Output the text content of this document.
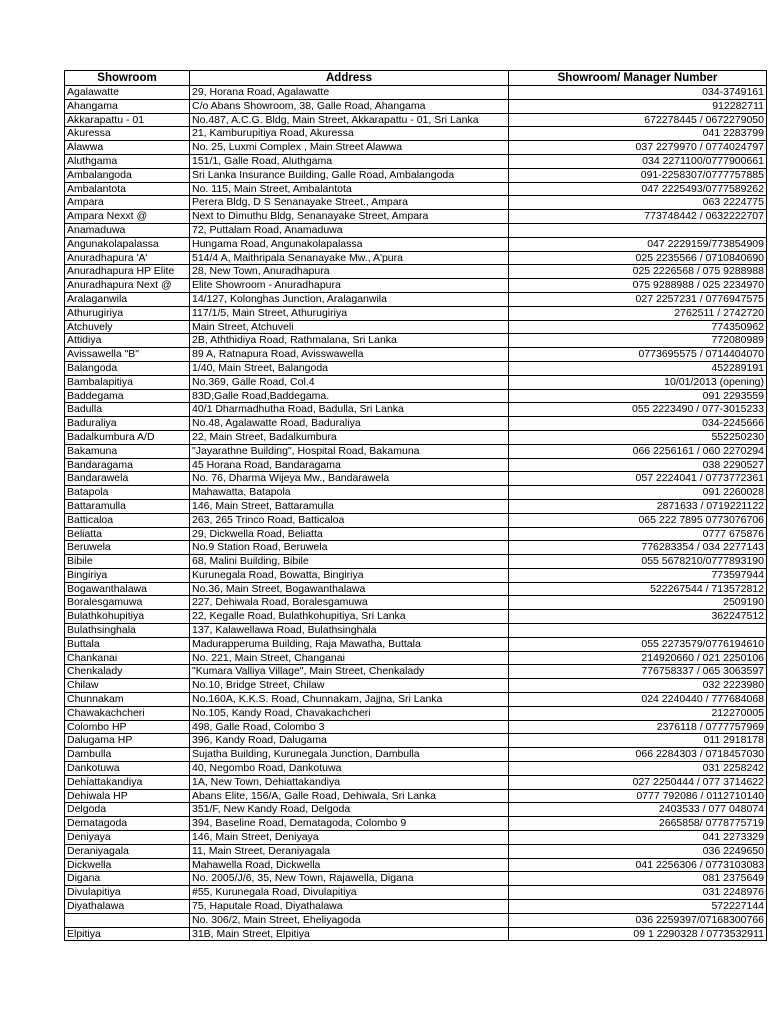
Showroom	Address	Showroom/ Manager Number
Agalawatte	29, Horana Road, Agalawatte	034-3749161
Ahangama	C/o Abans Showroom, 38, Galle Road, Ahangama	912282711
Akkarapattu - 01	No.487, A.C.G. Bldg, Main Street, Akkarapattu - 01, Sri Lanka	672278445 / 0672279050
Akuressa	21, Kamburupitiya Road, Akuressa	041 2283799
Alawwa	No. 25, Luxmi Complex , Main Street Alawwa	037 2279970 / 0774024797
Aluthgama	151/1, Galle Road, Aluthgama	034 2271100/0777900661
Ambalangoda	Sri Lanka Insurance Building, Galle Road, Ambalangoda	091-2258307/0777757885
Ambalantota	No. 115, Main Street, Ambalantota	047 2225493/0777589262
Ampara	Perera Bldg, D S Senanayake Street., Ampara	063 2224775
Ampara Nexxt @	Next to Dimuthu Bldg, Senanayake Street, Ampara	773748442 / 0632222707
Anamaduwa	72, Puttalam Road, Anamaduwa	
Angunakolapalassa	Hungama Road, Angunakolapalassa	047 2229159/773854909
Anuradhapura 'A'	514/4 A, Maithripala Senanayake Mw., A'pura	025 2235566 / 0710840690
Anuradhapura HP Elite	28, New Town, Anuradhapura	025 2226568 / 075 9288988
Anuradhapura Next @	Elite Showroom - Anuradhapura	075 9288988 / 025 2234970
Aralaganwila	14/127, Kolonghas Junction, Aralaganwila	027 2257231 / 0776947575
Athurugiriya	117/1/5, Main Street, Athurugiriya	2762511 / 2742720
Atchuvely	Main Street, Atchuveli	774350962
Attidiya	2B, Aththidiya Road, Rathmalana, Sri Lanka	772080989
Avissawella "B"	89 A, Ratnapura Road, Avisswawella	0773695575 / 0714404070
Balangoda	1/40, Main Street, Balangoda	452289191
Bambalapitiya	No.369, Galle Road, Col.4	10/01/2013 (opening)
Baddegama	83D,Galle Road,Baddegama.	091 2293559
Badulla	40/1 Dharmadhutha Road, Badulla, Sri Lanka	055 2223490 / 077-3015233
Baduraliya	No.48, Agalawatte Road, Baduraliya	034-2245666
Badalkumbura A/D	22, Main Street, Badalkumbura	552250230
Bakamuna	"Jayarathne Building", Hospital Road, Bakamuna	066 2256161 / 060 2270294
Bandaragama	45 Horana Road, Bandaragama	038 2290527
Bandarawela	No. 76, Dharma Wijeya Mw., Bandarawela	057 2224041 / 0773772361
Batapola	Mahawatta, Batapola	091 2260028
Battaramulla	146, Main Street, Battaramulla	2871633 / 0719221122
Batticaloa	263, 265 Trinco Road, Batticaloa	065 222 7895 0773076706
Beliatta	29, Dickwella Road, Beliatta	0777 675876
Beruwela	No.9 Station Road, Beruwela	776283354 / 034 2277143
Bibile	68, Malini Building, Bibile	055 5678210/0777893190
Bingiriya	Kurunegala Road, Bowatta, Bingiriya	773597944
Bogawanthalawa	No.36, Main Street, Bogawanthalawa	522267544 / 713572812
Boralesgamuwa	227, Dehiwala Road, Boralesgamuwa	2509190
Bulathkohupitiya	22, Kegalle Road, Bulathkohupitiya, Sri Lanka	362247512
Bulathsinghala	137, Kalawellawa Road, Bulathsinghala	
Buttala	Madurapperuma Building, Raja Mawatha, Buttala	055 2273579/0776194610
Chankanai	No. 221, Main Street, Changanai	214920660 / 021 2250106
Chenkalady	"Kumara Valliya Village", Main Street, Chenkalady	776758337 / 065 3063597
Chilaw	No.10, Bridge Street, Chilaw	032 2223980
Chunnakam	No.160A, K.K.S. Road, Chunnakam, Jajjna, Sri Lanka	024 2240440 / 777684068
Chawakachcheri	No.105, Kandy Road, Chavakachcheri	212270005
Colombo HP	498, Galle Road, Colombo 3	2376118 / 0777757969
Dalugama HP	396, Kandy Road, Dalugama	011 2918178
Dambulla	Sujatha Building, Kurunegala Junction, Dambulla	066 2284303 / 0718457030
Dankotuwa	40, Negombo Road, Dankotuwa	031 2258242
Dehiattakandiya	1A, New Town, Dehiattakandiya	027 2250444 / 077 3714622
Dehiwala HP	Abans Elite, 156/A, Galle Road, Dehiwala, Sri Lanka	0777 792086 / 0112710140
Delgoda	351/F, New Kandy Road, Delgoda	2403533 / 077 048074
Dematagoda	394, Baseline Road, Dematagoda, Colombo 9	2665858/ 0778775719
Deniyaya	146, Main Street, Deniyaya	041 2273329
Deraniyagala	11, Main Street, Deraniyagala	036 2249650
Dickwella	Mahawella Road, Dickwella	041 2256306 / 0773103083
Digana	No. 2005/J/6, 35, New Town, Rajawella, Digana	081 2375649
Divulapitiya	#55, Kurunegala Road, Divulapitiya	031 2248976
Diyathalawa	75, Haputale Road, Diyathalawa	572227144
	No. 306/2, Main Street, Eheliyagoda	036 2259397/07168300766
Elpitiya	31B, Main Street, Elpitiya	09 1 2290328 / 0773532911
